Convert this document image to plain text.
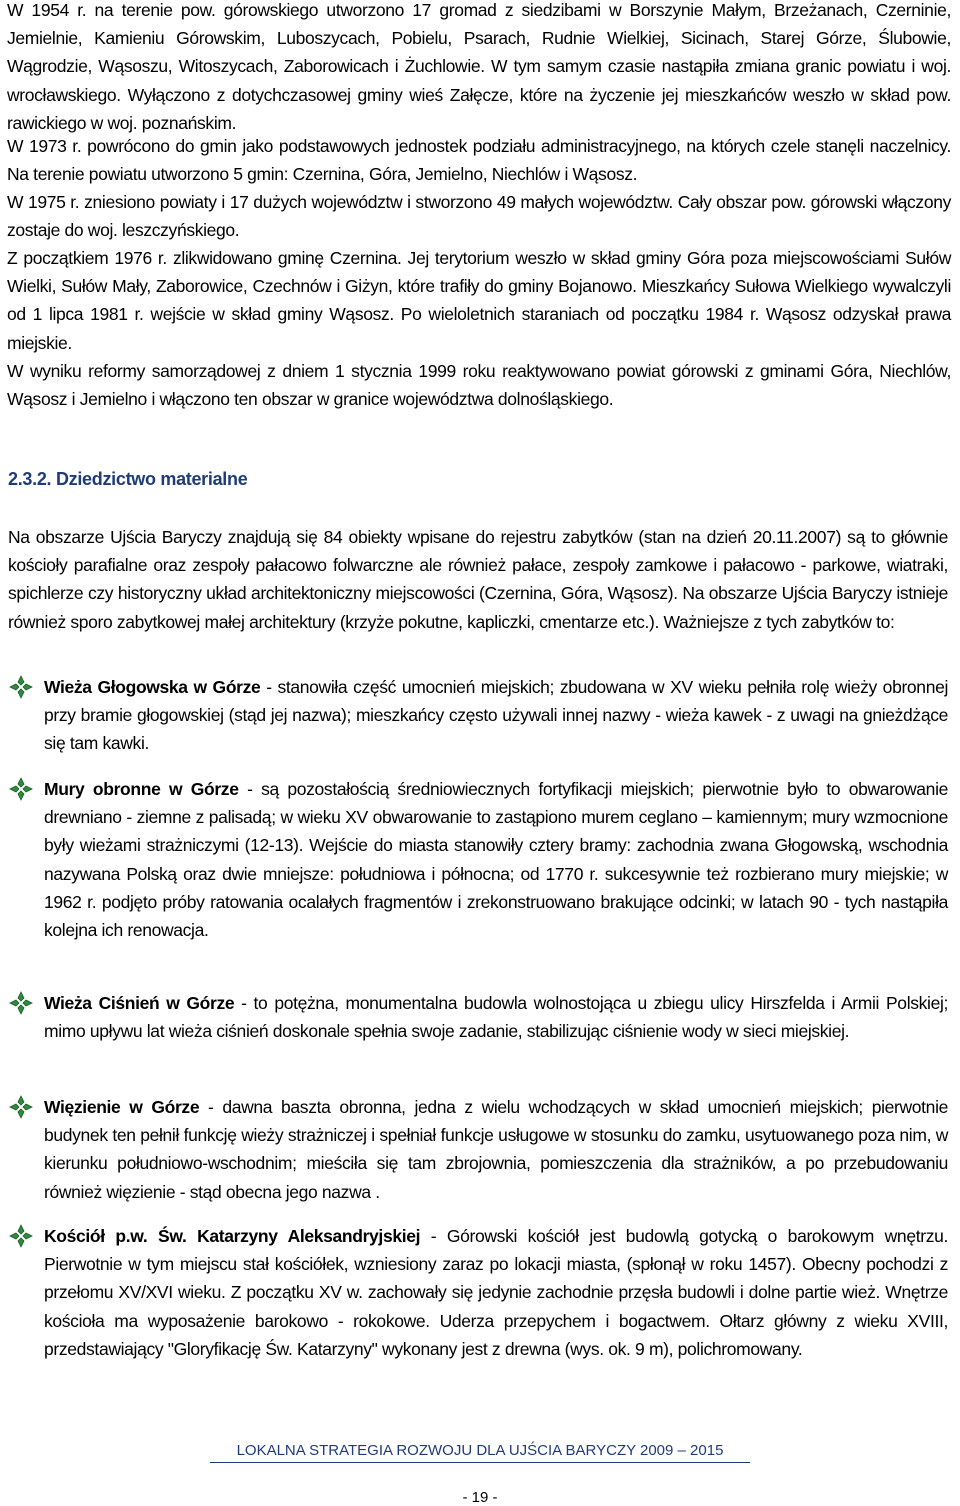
W 1954 r. na terenie pow. górowskiego utworzono 17 gromad z siedzibami w Borszynie Małym, Brzeżanach, Czerninie, Jemielnie, Kamieniu Górowskim, Luboszycach, Pobielu, Psarach, Rudnie Wielkiej, Sicinach, Starej Górze, Ślubowie, Wągrodzie, Wąsoszu, Witoszycach, Zaborowicach i Żuchlowie. W tym samym czasie nastąpiła zmiana granic powiatu i woj. wrocławskiego. Wyłączono z dotychczasowej gminy wieś Załęcze, które na życzenie jej mieszkańców weszło w skład pow. rawickiego w woj. poznańskim.

W 1973 r. powrócono do gmin jako podstawowych jednostek podziału administracyjnego, na których czele stanęli naczelnicy. Na terenie powiatu utworzono 5 gmin: Czernina, Góra, Jemielno, Niechlów i Wąsosz.

W 1975 r. zniesiono powiaty i 17 dużych województw i stworzono 49 małych województw. Cały obszar pow. górowski włączony zostaje do woj. leszczyńskiego.

Z początkiem 1976 r. zlikwidowano gminę Czernina. Jej terytorium weszło w skład gminy Góra poza miejscowościami Sułów Wielki, Sułów Mały, Zaborowice, Czechnów i Giżyn, które trafiły do gminy Bojanowo. Mieszkańcy Sułowa Wielkiego wywalczyli od 1 lipca 1981 r. wejście w skład gminy Wąsosz. Po wieloletnich staraniach od początku 1984 r. Wąsosz odzyskał prawa miejskie.

W wyniku reformy samorządowej z dniem 1 stycznia 1999 roku reaktywowano powiat górowski z gminami Góra, Niechlów, Wąsosz i Jemielno i włączono ten obszar w granice województwa dolnośląskiego.

2.3.2. Dziedzictwo materialne

Na obszarze Ujścia Baryczy znajdują się 84 obiekty wpisane do rejestru zabytków (stan na dzień 20.11.2007) są to głównie kościoły parafialne oraz zespoły pałacowo folwarczne ale również pałace, zespoły zamkowe i pałacowo - parkowe, wiatraki, spichlerze czy historyczny układ architektoniczny miejscowości (Czernina, Góra, Wąsosz). Na obszarze Ujścia Baryczy istnieje również sporo zabytkowej małej architektury (krzyże pokutne, kapliczki, cmentarze etc.). Ważniejsze z tych zabytków to:

Wieża Głogowska w Górze - stanowiła część umocnień miejskich; zbudowana w XV wieku pełniła rolę wieży obronnej przy bramie głogowskiej (stąd jej nazwa); mieszkańcy często używali innej nazwy - wieża kawek - z uwagi na gnieżdżące się tam kawki.
Mury obronne w Górze - są pozostałością średniowiecznych fortyfikacji miejskich; pierwotnie było to obwarowanie drewniano - ziemne z palisadą; w wieku XV obwarowanie to zastąpiono murem ceglano – kamiennym; mury wzmocnione były wieżami strażniczymi (12-13). Wejście do miasta stanowiły cztery bramy: zachodnia zwana Głogowską, wschodnia nazywana Polską oraz dwie mniejsze: południowa i północna; od 1770 r. sukcesywnie też rozbierano mury miejskie; w 1962 r. podjęto próby ratowania ocalałych fragmentów i zrekonstruowano brakujące odcinki; w latach 90 - tych nastąpiła kolejna ich renowacja.
Wieża Ciśnień w Górze - to potężna, monumentalna budowla wolnostojąca u zbiegu ulicy Hirszfelda i Armii Polskiej; mimo upływu lat wieża ciśnień doskonale spełnia swoje zadanie, stabilizując ciśnienie wody w sieci miejskiej.
Więzienie w Górze - dawna baszta obronna, jedna z wielu wchodzących w skład umocnień miejskich; pierwotnie budynek ten pełnił funkcję wieży strażniczej i spełniał funkcje usługowe w stosunku do zamku, usytuowanego poza nim, w kierunku południowo-wschodnim; mieściła się tam zbrojownia, pomieszczenia dla strażników, a po przebudowaniu również więzienie - stąd obecna jego nazwa .
Kościół p.w. Św. Katarzyny Aleksandryjskiej - Górowski kościół jest budowlą gotycką o barokowym wnętrzu. Pierwotnie w tym miejscu stał kościółek, wzniesiony zaraz po lokacji miasta, (spłonął w roku 1457). Obecny pochodzi z przełomu XV/XVI wieku. Z początku XV w. zachowały się jedynie zachodnie przęsła budowli i dolne partie wież. Wnętrze kościoła ma wyposażenie barokowo - rokokowe. Uderza przepychem i bogactwem. Ołtarz główny z wieku XVIII, przedstawiający "Gloryfikację Św. Katarzyny" wykonany jest z drewna (wys. ok. 9 m), polichromowany.
LOKALNA STRATEGIA ROZWOJU DLA UJŚCIA BARYCZY 2009 – 2015
- 19 -
